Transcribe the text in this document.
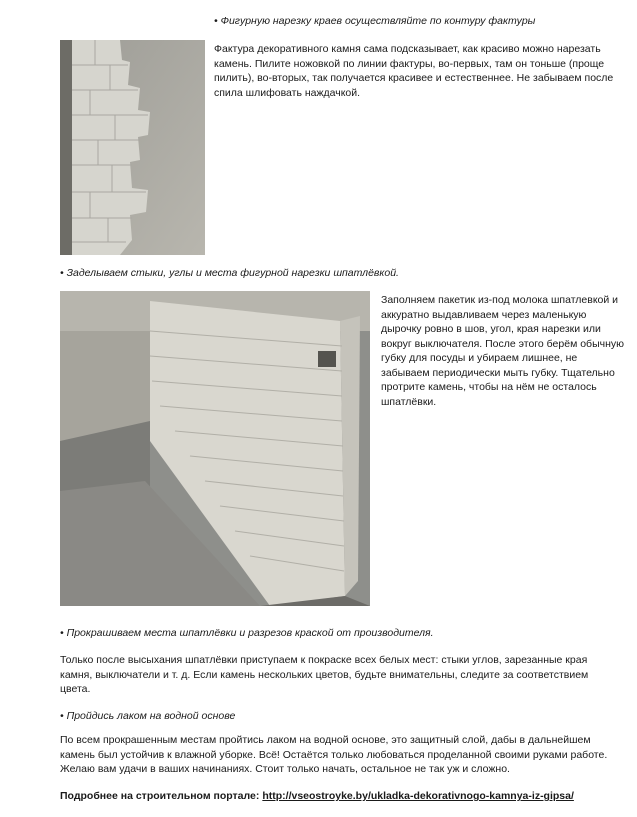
• Фигурную нарезку краев осуществляйте по контуру фактуры

Фактура декоративного камня сама подсказывает, как красиво можно нарезать камень. Пилите ножовкой по линии фактуры, во-первых, там он тоньше (проще пилить), во-вторых, так получается красивее и естественнее. Не забываем после спила шлифовать наждачкой.

• Заделываем стыки, углы и места фигурной нарезки шпатлёвкой.

Заполняем пакетик из-под молока шпатлевкой и аккуратно выдавливаем через маленькую дырочку ровно в шов, угол, края нарезки или вокруг выключателя. После этого берём обычную губку для посуды и убираем лишнее, не забываем периодически мыть губку. Тщательно протрите камень, чтобы на нём не осталось шпатлёвки.

• Прокрашиваем места шпатлёвки и разрезов краской от производителя.

Только после высыхания шпатлёвки приступаем к покраске всех белых мест: стыки углов, зарезанные края камня, выключатели и т. д. Если камень нескольких цветов, будьте внимательны, следите за соответствием цвета.

• Пройдись лаком на водной основе

По всем прокрашенным местам пройтись лаком на водной основе, это защитный слой, дабы в дальнейшем камень был устойчив к влажной уборке. Всё! Остаётся только любоваться проделанной своими руками работе. Желаю вам удачи в ваших начинаниях. Стоит только начать, остальное не так уж и сложно.

Подробнее на строительном портале: http://vseostroyke.by/ukladka-dekorativnogo-kamnya-iz-gipsa/
